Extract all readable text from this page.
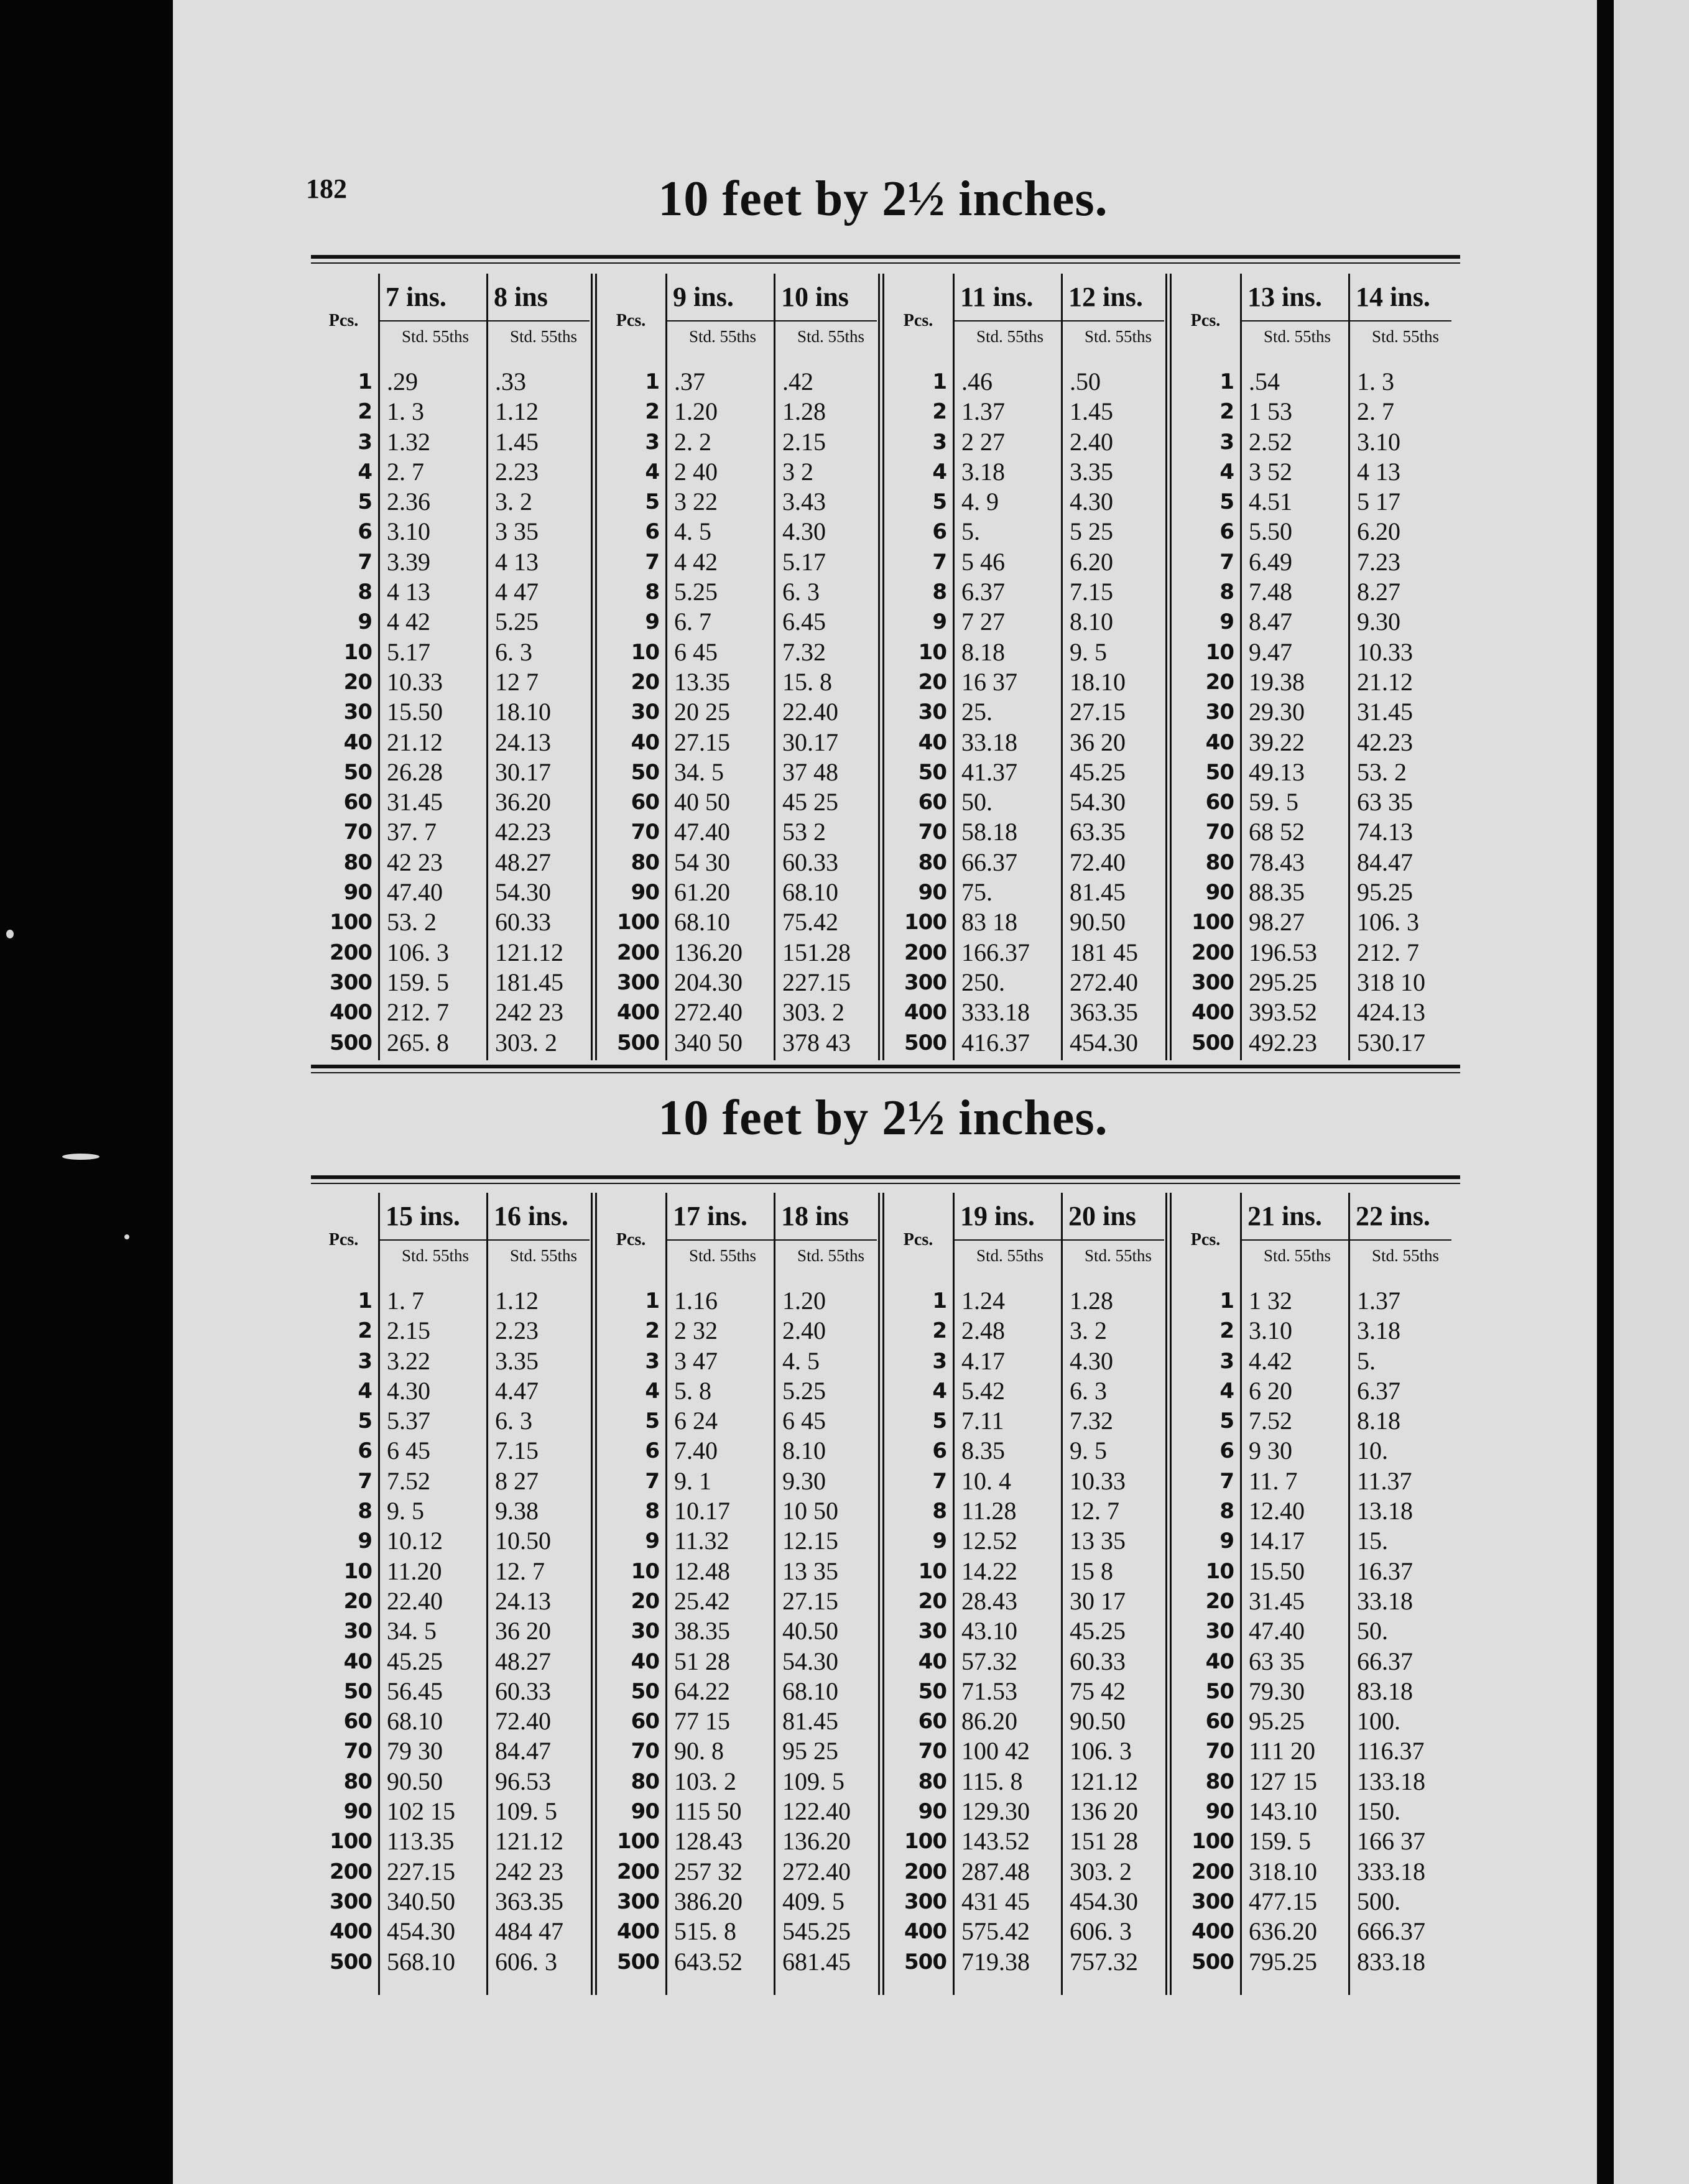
182	10 feet by 2½ inches.
Pcs.
1
2
3
4
5
6
7
8
9
10
20
30
40
50
60
70
80
90
100
200
300
400
500
7 ins.
Std. 55ths
.29
1. 3
1.32
2. 7
2.36
3.10
3.39
4 13
4 42
5.17
10.33
15.50
21.12
26.28
31.45
37. 7
42 23
47.40
53. 2
106. 3
159. 5
212. 7
265. 8
8 ins
Std. 55ths
.33
1.12
1.45
2.23
3. 2
3 35
4 13
4 47
5.25
6. 3
12 7
18.10
24.13
30.17
36.20
42.23
48.27
54.30
60.33
121.12
181.45
242 23
303. 2
Pcs.
1
2
3
4
5
6
7
8
9
10
20
30
40
50
60
70
80
90
100
200
300
400
500
9 ins.
Std. 55ths
.37
1.20
2. 2
2 40
3 22
4. 5
4 42
5.25
6. 7
6 45
13.35
20 25
27.15
34. 5
40 50
47.40
54 30
61.20
68.10
136.20
204.30
272.40
340 50
10 ins
Std. 55ths
.42
1.28
2.15
3 2
3.43
4.30
5.17
6. 3
6.45
7.32
15. 8
22.40
30.17
37 48
45 25
53 2
60.33
68.10
75.42
151.28
227.15
303. 2
378 43
Pcs.
1
2
3
4
5
6
7
8
9
10
20
30
40
50
60
70
80
90
100
200
300
400
500
11 ins.
Std. 55ths
.46
1.37
2 27
3.18
4. 9
5.
5 46
6.37
7 27
8.18
16 37
25.
33.18
41.37
50.
58.18
66.37
75.
83 18
166.37
250.
333.18
416.37
12 ins.
Std. 55ths
.50
1.45
2.40
3.35
4.30
5 25
6.20
7.15
8.10
9. 5
18.10
27.15
36 20
45.25
54.30
63.35
72.40
81.45
90.50
181 45
272.40
363.35
454.30
Pcs.
1
2
3
4
5
6
7
8
9
10
20
30
40
50
60
70
80
90
100
200
300
400
500
13 ins.
Std. 55ths
.54
1 53
2.52
3 52
4.51
5.50
6.49
7.48
8.47
9.47
19.38
29.30
39.22
49.13
59. 5
68 52
78.43
88.35
98.27
196.53
295.25
393.52
492.23
14 ins.
Std. 55ths
1. 3
2. 7
3.10
4 13
5 17
6.20
7.23
8.27
9.30
10.33
21.12
31.45
42.23
53. 2
63 35
74.13
84.47
95.25
106. 3
212. 7
318 10
424.13
530.17
10 feet by 2½ inches.
Pcs.
1
2
3
4
5
6
7
8
9
10
20
30
40
50
60
70
80
90
100
200
300
400
500
15 ins.
Std. 55ths
1. 7
2.15
3.22
4.30
5.37
6 45
7.52
9. 5
10.12
11.20
22.40
34. 5
45.25
56.45
68.10
79 30
90.50
102 15
113.35
227.15
340.50
454.30
568.10
16 ins.
Std. 55ths
1.12
2.23
3.35
4.47
6. 3
7.15
8 27
9.38
10.50
12. 7
24.13
36 20
48.27
60.33
72.40
84.47
96.53
109. 5
121.12
242 23
363.35
484 47
606. 3
Pcs.
1
2
3
4
5
6
7
8
9
10
20
30
40
50
60
70
80
90
100
200
300
400
500
17 ins.
Std. 55ths
1.16
2 32
3 47
5. 8
6 24
7.40
9. 1
10.17
11.32
12.48
25.42
38.35
51 28
64.22
77 15
90. 8
103. 2
115 50
128.43
257 32
386.20
515. 8
643.52
18 ins
Std. 55ths
1.20
2.40
4. 5
5.25
6 45
8.10
9.30
10 50
12.15
13 35
27.15
40.50
54.30
68.10
81.45
95 25
109. 5
122.40
136.20
272.40
409. 5
545.25
681.45
Pcs.
1
2
3
4
5
6
7
8
9
10
20
30
40
50
60
70
80
90
100
200
300
400
500
19 ins.
Std. 55ths
1.24
2.48
4.17
5.42
7.11
8.35
10. 4
11.28
12.52
14.22
28.43
43.10
57.32
71.53
86.20
100 42
115. 8
129.30
143.52
287.48
431 45
575.42
719.38
20 ins
Std. 55ths
1.28
3. 2
4.30
6. 3
7.32
9. 5
10.33
12. 7
13 35
15 8
30 17
45.25
60.33
75 42
90.50
106. 3
121.12
136 20
151 28
303. 2
454.30
606. 3
757.32
Pcs.
1
2
3
4
5
6
7
8
9
10
20
30
40
50
60
70
80
90
100
200
300
400
500
21 ins.
Std. 55ths
1 32
3.10
4.42
6 20
7.52
9 30
11. 7
12.40
14.17
15.50
31.45
47.40
63 35
79.30
95.25
111 20
127 15
143.10
159. 5
318.10
477.15
636.20
795.25
22 ins.
Std. 55ths
1.37
3.18
5.
6.37
8.18
10.
11.37
13.18
15.
16.37
33.18
50.
66.37
83.18
100.
116.37
133.18
150.
166 37
333.18
500.
666.37
833.18
